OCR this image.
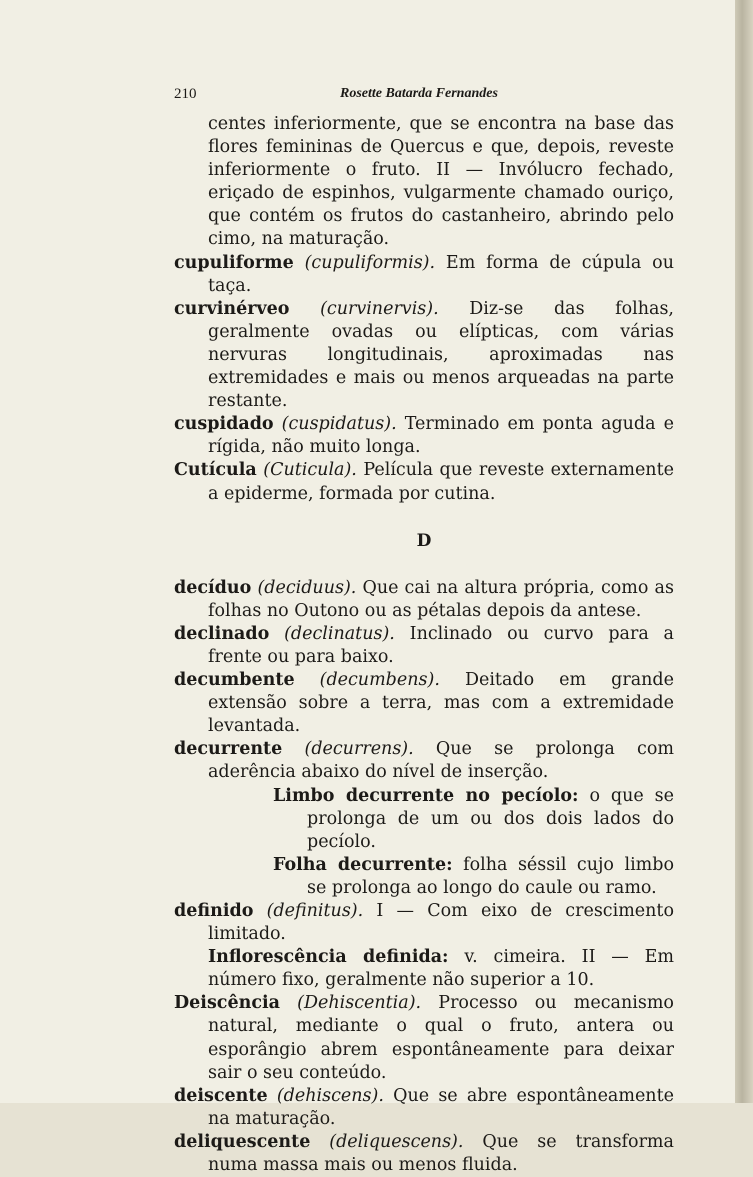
210	Rosette Batarda Fernandes

centes inferiormente, que se encontra na base das flores femininas de Quercus e que, depois, reveste inferiormente o fruto. II — Invólucro fechado, eriçado de espinhos, vulgarmente chamado ouriço, que contém os frutos do castanheiro, abrindo pelo cimo, na maturação.

cupuliforme (cupuliformis). Em forma de cúpula ou taça.

curvinérveo (curvinervis). Diz-se das folhas, geralmente ovadas ou elípticas, com várias nervuras longitudinais, aproximadas nas extremidades e mais ou menos arqueadas na parte restante.

cuspidado (cuspidatus). Terminado em ponta aguda e rígida, não muito longa.

Cutícula (Cuticula). Película que reveste externamente a epiderme, formada por cutina.

D

decíduo (deciduus). Que cai na altura própria, como as folhas no Outono ou as pétalas depois da antese.

declinado (declinatus). Inclinado ou curvo para a frente ou para baixo.

decumbente (decumbens). Deitado em grande extensão sobre a terra, mas com a extremidade levantada.

decurrente (decurrens). Que se prolonga com aderência abaixo do nível de inserção.

Limbo decurrente no pecíolo: o que se prolonga de um ou dos dois lados do pecíolo.

Folha decurrente: folha séssil cujo limbo se prolonga ao longo do caule ou ramo.

definido (definitus). I — Com eixo de crescimento limitado.

Inflorescência definida: v. cimeira. II — Em número fixo, geralmente não superior a 10.

Deiscência (Dehiscentia). Processo ou mecanismo natural, mediante o qual o fruto, antera ou esporângio abrem espontâneamente para deixar sair o seu conteúdo.

deiscente (dehiscens). Que se abre espontâneamente na maturação.

deliquescente (deliquescens). Que se transforma numa massa mais ou menos fluida.
